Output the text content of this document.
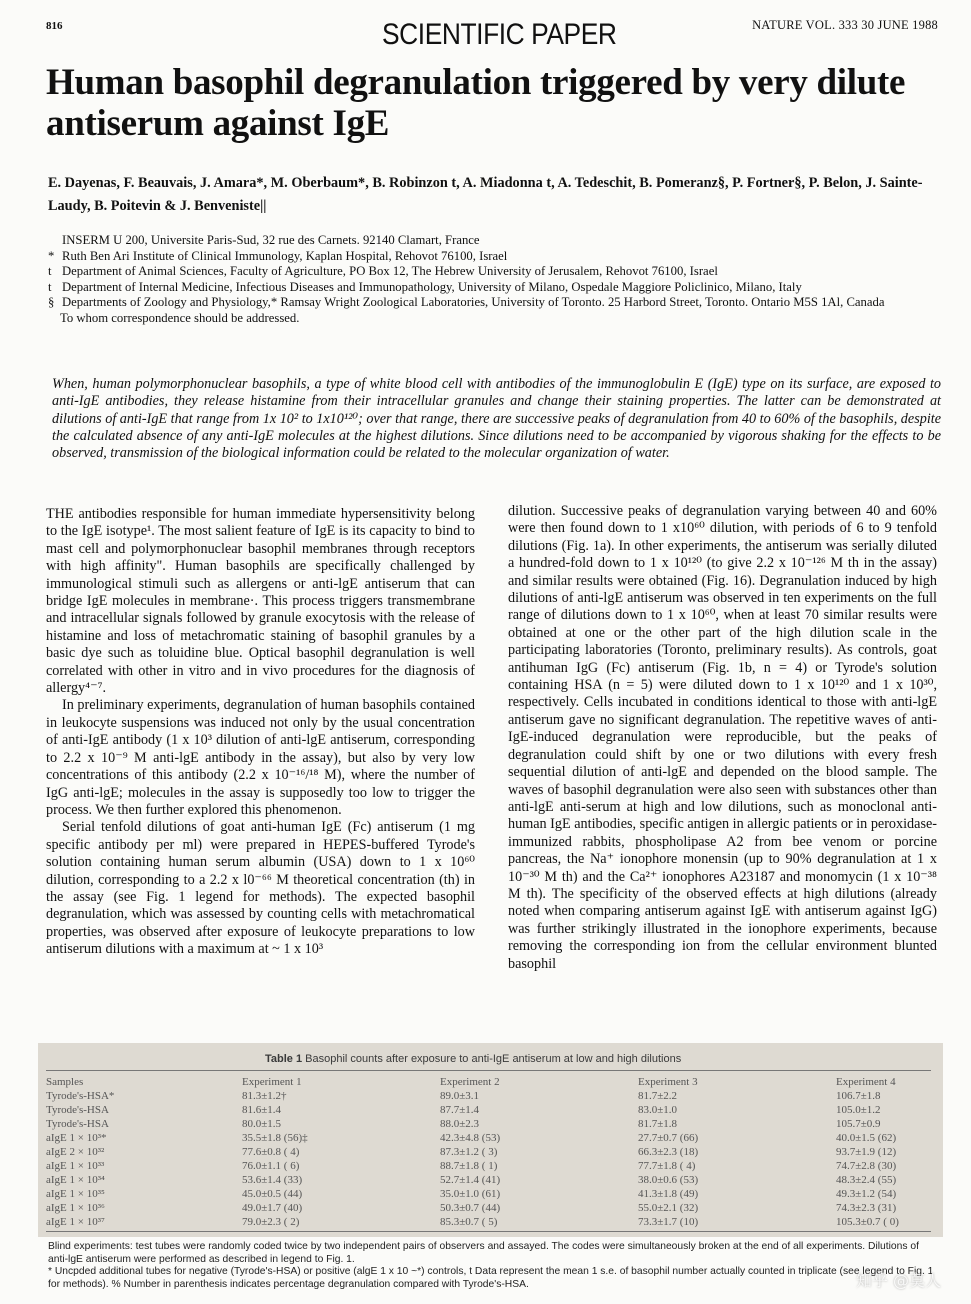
816	SCIENTIFIC PAPER	NATURE VOL. 333 30 JUNE 1988
Human basophil degranulation triggered by very dilute antiserum against IgE
E. Dayenas, F. Beauvais, J. Amara*, M. Oberbaum*, B. Robinzon t, A. Miadonna t, A. Tedeschit, B. Pomeranz§, P. Fortner§, P. Belon, J. Sainte-Laudy, B. Poitevin & J. Benveniste||
INSERM U 200, Universite Paris-Sud, 32 rue des Carnets. 92140 Clamart, France
* Ruth Ben Ari Institute of Clinical Immunology, Kaplan Hospital, Rehovot 76100, Israel
t Department of Animal Sciences, Faculty of Agriculture, PO Box 12, The Hebrew University of Jerusalem, Rehovot 76100, Israel
t Department of Internal Medicine, Infectious Diseases and Immunopathology, University of Milano, Ospedale Maggiore Policlinico, Milano, Italy
§ Departments of Zoology and Physiology,* Ramsay Wright Zoological Laboratories, University of Toronto. 25 Harbord Street, Toronto. Ontario M5S 1Al, Canada
To whom correspondence should be addressed.
When, human polymorphonuclear basophils, a type of white blood cell with antibodies of the immunoglobulin E (IgE) type on its surface, are exposed to anti-IgE antibodies, they release histamine from their intracellular granules and change their staining properties. The latter can be demonstrated at dilutions of anti-IgE that range from 1x 10² to 1x10¹²⁰; over that range, there are successive peaks of degranulation from 40 to 60% of the basophils, despite the calculated absence of any anti-IgE molecules at the highest dilutions. Since dilutions need to be accompanied by vigorous shaking for the effects to be observed, transmission of the biological information could be related to the molecular organization of water.

THE antibodies responsible for human immediate hypersensitivity belong to the IgE isotype¹. The most salient feature of IgE is its capacity to bind to mast cell and polymorphonuclear basophil membranes through receptors with high affinity". Human basophils are specifically challenged by immunological stimuli such as allergens or anti-lgE antiserum that can bridge IgE molecules in membrane·. This process triggers transmembrane and intracellular signals followed by granule exocytosis with the release of histamine and loss of metachromatic staining of basophil granules by a basic dye such as toluidine blue. Optical basophil degranulation is well correlated with other in vitro and in vivo procedures for the diagnosis of allergy⁴⁻⁷.

In preliminary experiments, degranulation of human basophils contained in leukocyte suspensions was induced not only by the usual concentration of anti-IgE antibody (1 x 10³ dilution of anti-lgE antiserum, corresponding to 2.2 x 10⁻⁹ M anti-lgE antibody in the assay), but also by very low concentrations of this antibody (2.2 x 10⁻¹⁶/¹⁸ M), where the number of IgG anti-lgE; molecules in the assay is supposedly too low to trigger the process. We then further explored this phenomenon.

Serial tenfold dilutions of goat anti-human IgE (Fc) antiserum (1 mg specific antibody per ml) were prepared in HEPES-buffered Tyrode's solution containing human serum albumin (USA) down to 1 x 10⁶⁰ dilution, corresponding to a 2.2 x l0⁻⁶⁶ M theoretical concentration (th) in the assay (see Fig. 1 legend for methods). The expected basophil degranulation, which was assessed by counting cells with metachromatical properties, was observed after exposure of leukocyte preparations to low antiserum dilutions with a maximum at ~ 1 x 10³

dilution. Successive peaks of degranulation varying between 40 and 60% were then found down to 1 x10⁶⁰ dilution, with periods of 6 to 9 tenfold dilutions (Fig. 1a). In other experiments, the antiserum was serially diluted a hundred-fold down to 1 x 10¹²⁰ (to give 2.2 x 10⁻¹²⁶ M th in the assay) and similar results were obtained (Fig. 16). Degranulation induced by high dilutions of anti-lgE antiserum was observed in ten experiments on the full range of dilutions down to 1 x 10⁶⁰, when at least 70 similar results were obtained at one or the other part of the high dilution scale in the participating laboratories (Toronto, preliminary results). As controls, goat antihuman IgG (Fc) antiserum (Fig. 1b, n = 4) or Tyrode's solution containing HSA (n = 5) were diluted down to 1 x 10¹²⁰ and 1 x 10³⁰, respectively. Cells incubated in conditions identical to those with anti-lgE antiserum gave no significant degranulation. The repetitive waves of anti-IgE-induced degranulation were reproducible, but the peaks of degranulation could shift by one or two dilutions with every fresh sequential dilution of anti-lgE and depended on the blood sample. The waves of basophil degranulation were also seen with substances other than anti-lgE anti-serum at high and low dilutions, such as monoclonal anti-human IgE antibodies, specific antigen in allergic patients or in peroxidase-immunized rabbits, phospholipase A2 from bee venom or porcine pancreas, the Na⁺ ionophore monensin (up to 90% degranulation at 1 x 10⁻³⁰ M th) and the Ca²⁺ ionophores A23187 and monomycin (1 x 10⁻³⁸ M th). The specificity of the observed effects at high dilutions (already noted when comparing antiserum against IgE with antiserum against IgG) was further strikingly illustrated in the ionophore experiments, because removing the corresponding ion from the cellular environment blunted basophil

Table 1 Basophil counts after exposure to anti-IgE antiserum at low and high dilutions
Samples	Experiment 1	Experiment 2	Experiment 3	Experiment 4
Tyrode's-HSA*	81.3±1.2†	89.0±3.1	81.7±2.2	106.7±1.8
Tyrode's-HSA	81.6±1.4	87.7±1.4	83.0±1.0	105.0±1.2
Tyrode's-HSA	80.0±1.5	88.0±2.3	81.7±1.8	105.7±0.9
aIgE 1 × 10³*	35.5±1.8 (56)‡	42.3±4.8 (53)	27.7±0.7 (66)	40.0±1.5 (62)
aIgE 2 × 10³²	77.6±0.8 ( 4)	87.3±1.2 ( 3)	66.3±2.3 (18)	93.7±1.9 (12)
aIgE 1 × 10³³	76.0±1.1 ( 6)	88.7±1.8 ( 1)	77.7±1.8 ( 4)	74.7±2.8 (30)
aIgE 1 × 10³⁴	53.6±1.4 (33)	52.7±1.4 (41)	38.0±0.6 (53)	48.3±2.4 (55)
aIgE 1 × 10³⁵	45.0±0.5 (44)	35.0±1.0 (61)	41.3±1.8 (49)	49.3±1.2 (54)
aIgE 1 × 10³⁶	49.0±1.7 (40)	50.3±0.7 (44)	55.0±2.1 (32)	74.3±2.3 (31)
aIgE 1 × 10³⁷	79.0±2.3 ( 2)	85.3±0.7 ( 5)	73.3±1.7 (10)	105.3±0.7 ( 0)

Blind experiments: test tubes were randomly coded twice by two independent pairs of observers and assayed. The codes were simultaneously broken at the end of all experiments. Dilutions of anti-lgE antiserum were performed as described in legend to Fig. 1.

* Uncpded additional tubes for negative (Tyrode's-HSA) or positive (algE 1 x 10 ~*) controls, t Data represent the mean 1 s.e. of basophil number actually counted in triplicate (see legend to Fig. 1 for methods). % Number in parenthesis indicates percentage degranulation compared with Tyrode's-HSA.	知乎 @莫人
